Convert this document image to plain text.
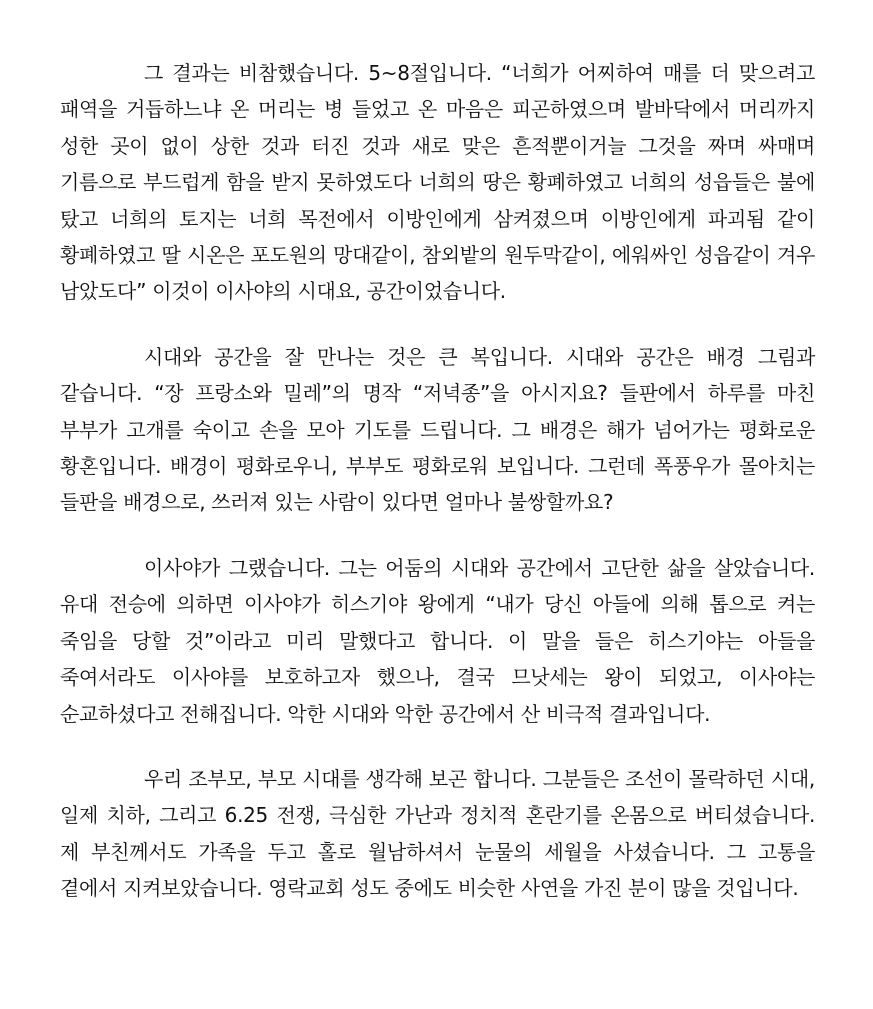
그 결과는 비참했습니다. 5~8절입니다. “너희가 어찌하여 매를 더 맞으려고 패역을 거듭하느냐 온 머리는 병 들었고 온 마음은 피곤하였으며 발바닥에서 머리까지 성한 곳이 없이 상한 것과 터진 것과 새로 맞은 흔적뿐이거늘 그것을 짜며 싸매며 기름으로 부드럽게 함을 받지 못하였도다 너희의 땅은 황폐하였고 너희의 성읍들은 불에 탔고 너희의 토지는 너희 목전에서 이방인에게 삼켜졌으며 이방인에게 파괴됨 같이 황폐하였고 딸 시온은 포도원의 망대같이, 참외밭의 원두막같이, 에워싸인 성읍같이 겨우 남았도다” 이것이 이사야의 시대요, 공간이었습니다.

시대와 공간을 잘 만나는 것은 큰 복입니다. 시대와 공간은 배경 그림과 같습니다. “장 프랑소와 밀레”의 명작 “저녁종”을 아시지요? 들판에서 하루를 마친 부부가 고개를 숙이고 손을 모아 기도를 드립니다. 그 배경은 해가 넘어가는 평화로운 황혼입니다. 배경이 평화로우니, 부부도 평화로워 보입니다. 그런데 폭풍우가 몰아치는 들판을 배경으로, 쓰러져 있는 사람이 있다면 얼마나 불쌍할까요?

이사야가 그랬습니다. 그는 어둠의 시대와 공간에서 고단한 삶을 살았습니다. 유대 전승에 의하면 이사야가 히스기야 왕에게 “내가 당신 아들에 의해 톱으로 켜는 죽임을 당할 것”이라고 미리 말했다고 합니다. 이 말을 들은 히스기야는 아들을 죽여서라도 이사야를 보호하고자 했으나, 결국 므낫세는 왕이 되었고, 이사야는 순교하셨다고 전해집니다. 악한 시대와 악한 공간에서 산 비극적 결과입니다.

우리 조부모, 부모 시대를 생각해 보곤 합니다. 그분들은 조선이 몰락하던 시대, 일제 치하, 그리고 6.25 전쟁, 극심한 가난과 정치적 혼란기를 온몸으로 버티셨습니다. 제 부친께서도 가족을 두고 홀로 월남하셔서 눈물의 세월을 사셨습니다. 그 고통을 곁에서 지켜보았습니다. 영락교회 성도 중에도 비슷한 사연을 가진 분이 많을 것입니다.
